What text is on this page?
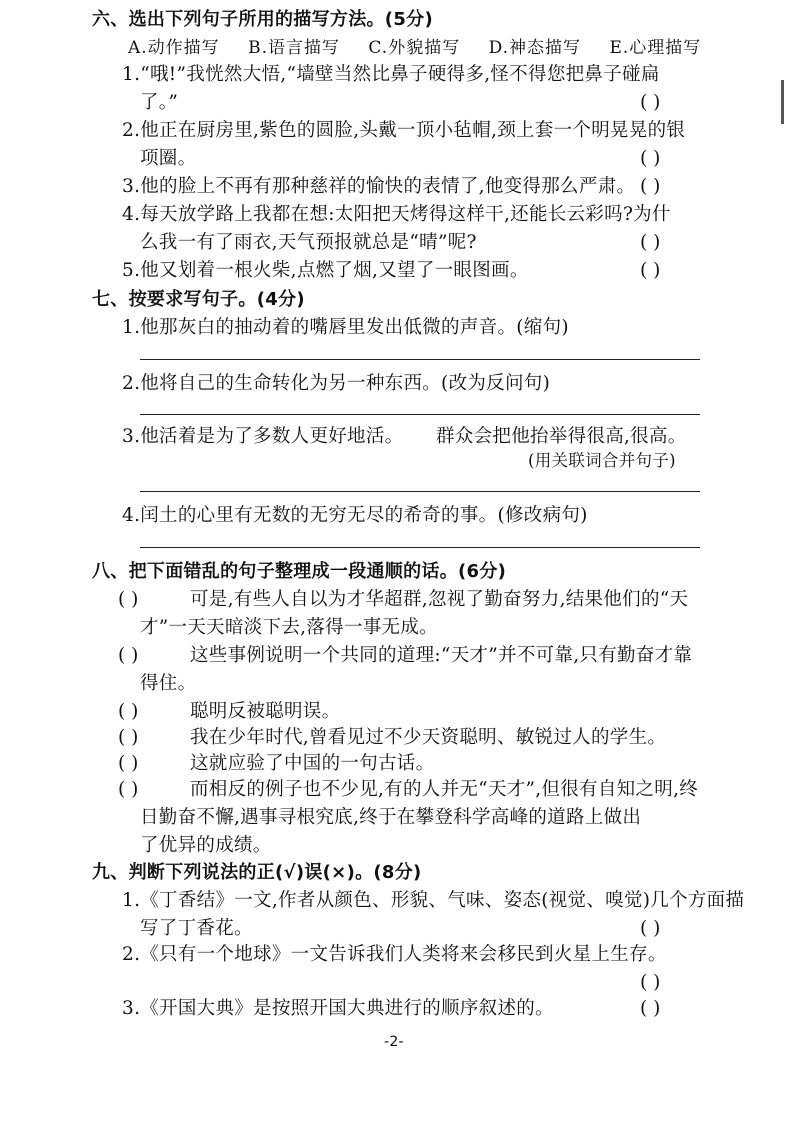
六、选出下列句子所用的描写方法。(5分)
A.动作描写 B.语言描写 C.外貌描写 D.神态描写 E.心理描写
1.“哦!”我恍然大悟,“墙壁当然比鼻子硬得多,怪不得您把鼻子碰扁
了。”	( )
2.他正在厨房里,紫色的圆脸,头戴一顶小毡帽,颈上套一个明晃晃的银
项圈。	( )
3.他的脸上不再有那种慈祥的愉快的表情了,他变得那么严肃。 ( )
4.每天放学路上我都在想:太阳把天烤得这样干,还能长云彩吗?为什
么我一有了雨衣,天气预报就总是“晴”呢?	( )
5.他又划着一根火柴,点燃了烟,又望了一眼图画。	( )
七、按要求写句子。(4分)
1.他那灰白的抽动着的嘴唇里发出低微的声音。(缩句)
2.他将自己的生命转化为另一种东西。(改为反问句)
3.他活着是为了多数人更好地活。 群众会把他抬举得很高,很高。
(用关联词合并句子)
4.闰土的心里有无数的无穷无尽的希奇的事。(修改病句)
八、把下面错乱的句子整理成一段通顺的话。(6分)
( )	可是,有些人自以为才华超群,忽视了勤奋努力,结果他们的“天
才”一天天暗淡下去,落得一事无成。
( )	这些事例说明一个共同的道理:“天才”并不可靠,只有勤奋才靠
得住。
( )	聪明反被聪明误。
( )	我在少年时代,曾看见过不少天资聪明、敏锐过人的学生。
( )	这就应验了中国的一句古话。
( )	而相反的例子也不少见,有的人并无“天才”,但很有自知之明,终
日勤奋不懈,遇事寻根究底,终于在攀登科学高峰的道路上做出
了优异的成绩。
九、判断下列说法的正(√)误(×)。(8分)
1.《丁香结》一文,作者从颜色、形貌、气味、姿态(视觉、嗅觉)几个方面描
写了丁香花。	( )
2.《只有一个地球》一文告诉我们人类将来会移民到火星上生存。
( )
3.《开国大典》是按照开国大典进行的顺序叙述的。	( )
-2-
